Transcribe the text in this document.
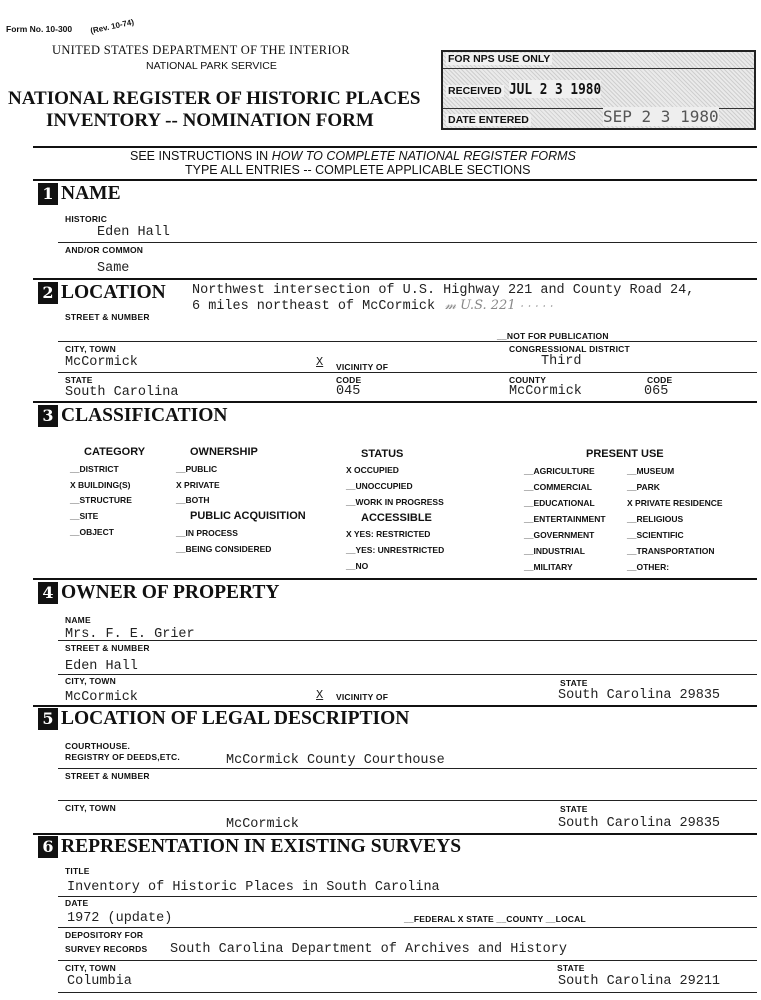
Form No. 10-300 (Rev. 10-74)
UNITED STATES DEPARTMENT OF THE INTERIOR
NATIONAL PARK SERVICE
NATIONAL REGISTER OF HISTORIC PLACES
INVENTORY -- NOMINATION FORM
FOR NPS USE ONLY
RECEIVED JUL 2 3 1980
DATE ENTERED	SEP 2 3 1980
SEE INSTRUCTIONS IN HOW TO COMPLETE NATIONAL REGISTER FORMS
TYPE ALL ENTRIES -- COMPLETE APPLICABLE SECTIONS
1 NAME
HISTORIC
Eden Hall
AND/OR COMMON
Same
2 LOCATION Northwest intersection of U.S. Highway 221 and County Road 24,
6 miles northeast of McCormick
STREET & NUMBER
𝓂 U.S. 221 ⸱ ⸱ ⸱ ⸱ ⸱
__NOT FOR PUBLICATION
CITY, TOWN
McCormick	X VICINITY OF
CONGRESSIONAL DISTRICT
Third
STATE
South Carolina
CODE
045
COUNTY
McCormick
CODE
065
3 CLASSIFICATION
CATEGORY
__DISTRICT
X BUILDING(S)
__STRUCTURE
__SITE
__OBJECT
OWNERSHIP
__PUBLIC
X PRIVATE
__BOTH
PUBLIC ACQUISITION
__IN PROCESS
__BEING CONSIDERED
STATUS
X OCCUPIED
__UNOCCUPIED
__WORK IN PROGRESS
ACCESSIBLE
X YES: RESTRICTED
__YES: UNRESTRICTED
__NO
PRESENT USE
__AGRICULTURE
__COMMERCIAL
__EDUCATIONAL
__ENTERTAINMENT
__GOVERNMENT
__INDUSTRIAL
__MILITARY
__MUSEUM
__PARK
X PRIVATE RESIDENCE
__RELIGIOUS
__SCIENTIFIC
__TRANSPORTATION
__OTHER:
4 OWNER OF PROPERTY
NAME
Mrs. F. E. Grier
STREET & NUMBER
Eden Hall
CITY, TOWN
McCormick	X VICINITY OF
STATE
South Carolina 29835
5 LOCATION OF LEGAL DESCRIPTION
COURTHOUSE.
REGISTRY OF DEEDS,ETC.	McCormick County Courthouse
STREET & NUMBER
CITY, TOWN
McCormick
STATE
South Carolina 29835
6 REPRESENTATION IN EXISTING SURVEYS
TITLE
Inventory of Historic Places in South Carolina
DATE
1972 (update)	__FEDERAL X STATE __COUNTY __LOCAL
DEPOSITORY FOR
SURVEY RECORDS South Carolina Department of Archives and History
CITY, TOWN
Columbia
STATE
South Carolina 29211
